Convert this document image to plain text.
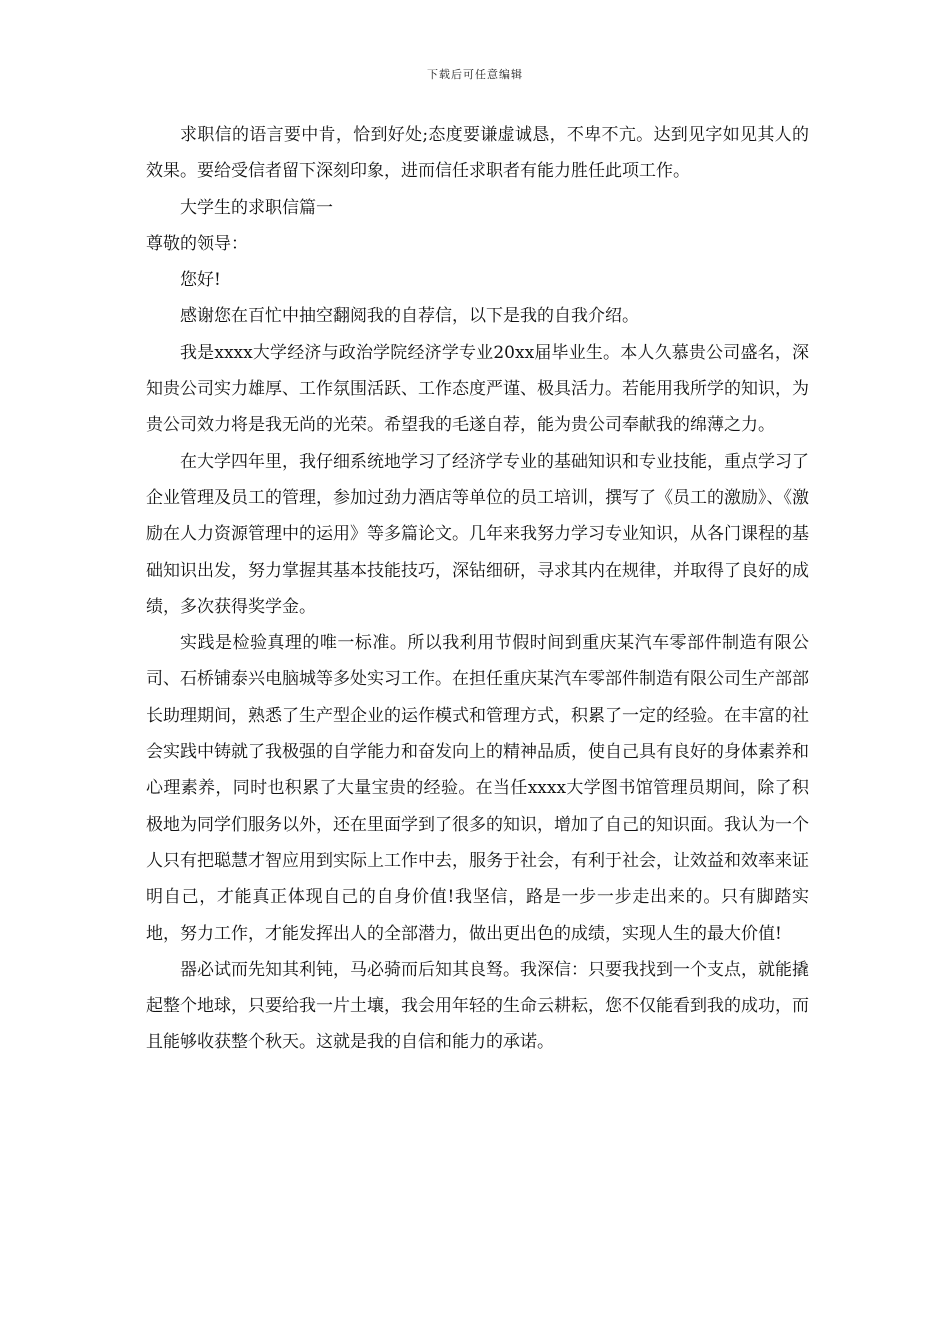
下载后可任意编辑

求职信的语言要中肯，恰到好处;态度要谦虚诚恳，不卑不亢。达到见字如见其人的效果。要给受信者留下深刻印象，进而信任求职者有能力胜任此项工作。

大学生的求职信篇一

尊敬的领导：

您好!

感谢您在百忙中抽空翻阅我的自荐信，以下是我的自我介绍。

我是xxxx大学经济与政治学院经济学专业20xx届毕业生。本人久慕贵公司盛名，深知贵公司实力雄厚、工作氛围活跃、工作态度严谨、极具活力。若能用我所学的知识，为贵公司效力将是我无尚的光荣。希望我的毛遂自荐，能为贵公司奉献我的绵薄之力。

在大学四年里，我仔细系统地学习了经济学专业的基础知识和专业技能，重点学习了企业管理及员工的管理，参加过劲力酒店等单位的员工培训，撰写了《员工的激励》、《激励在人力资源管理中的运用》等多篇论文。几年来我努力学习专业知识，从各门课程的基础知识出发，努力掌握其基本技能技巧，深钻细研，寻求其内在规律，并取得了良好的成绩，多次获得奖学金。

实践是检验真理的唯一标准。所以我利用节假时间到重庆某汽车零部件制造有限公司、石桥铺泰兴电脑城等多处实习工作。在担任重庆某汽车零部件制造有限公司生产部部长助理期间，熟悉了生产型企业的运作模式和管理方式，积累了一定的经验。在丰富的社会实践中铸就了我极强的自学能力和奋发向上的精神品质，使自己具有良好的身体素养和心理素养，同时也积累了大量宝贵的经验。在当任xxxx大学图书馆管理员期间，除了积极地为同学们服务以外，还在里面学到了很多的知识，增加了自己的知识面。我认为一个人只有把聪慧才智应用到实际上工作中去，服务于社会，有利于社会，让效益和效率来证明自己，才能真正体现自己的自身价值!我坚信，路是一步一步走出来的。只有脚踏实地，努力工作，才能发挥出人的全部潜力，做出更出色的成绩，实现人生的最大价值!

器必试而先知其利钝，马必骑而后知其良驽。我深信：只要我找到一个支点，就能撬起整个地球，只要给我一片土壤，我会用年轻的生命云耕耘，您不仅能看到我的成功，而且能够收获整个秋天。这就是我的自信和能力的承诺。
